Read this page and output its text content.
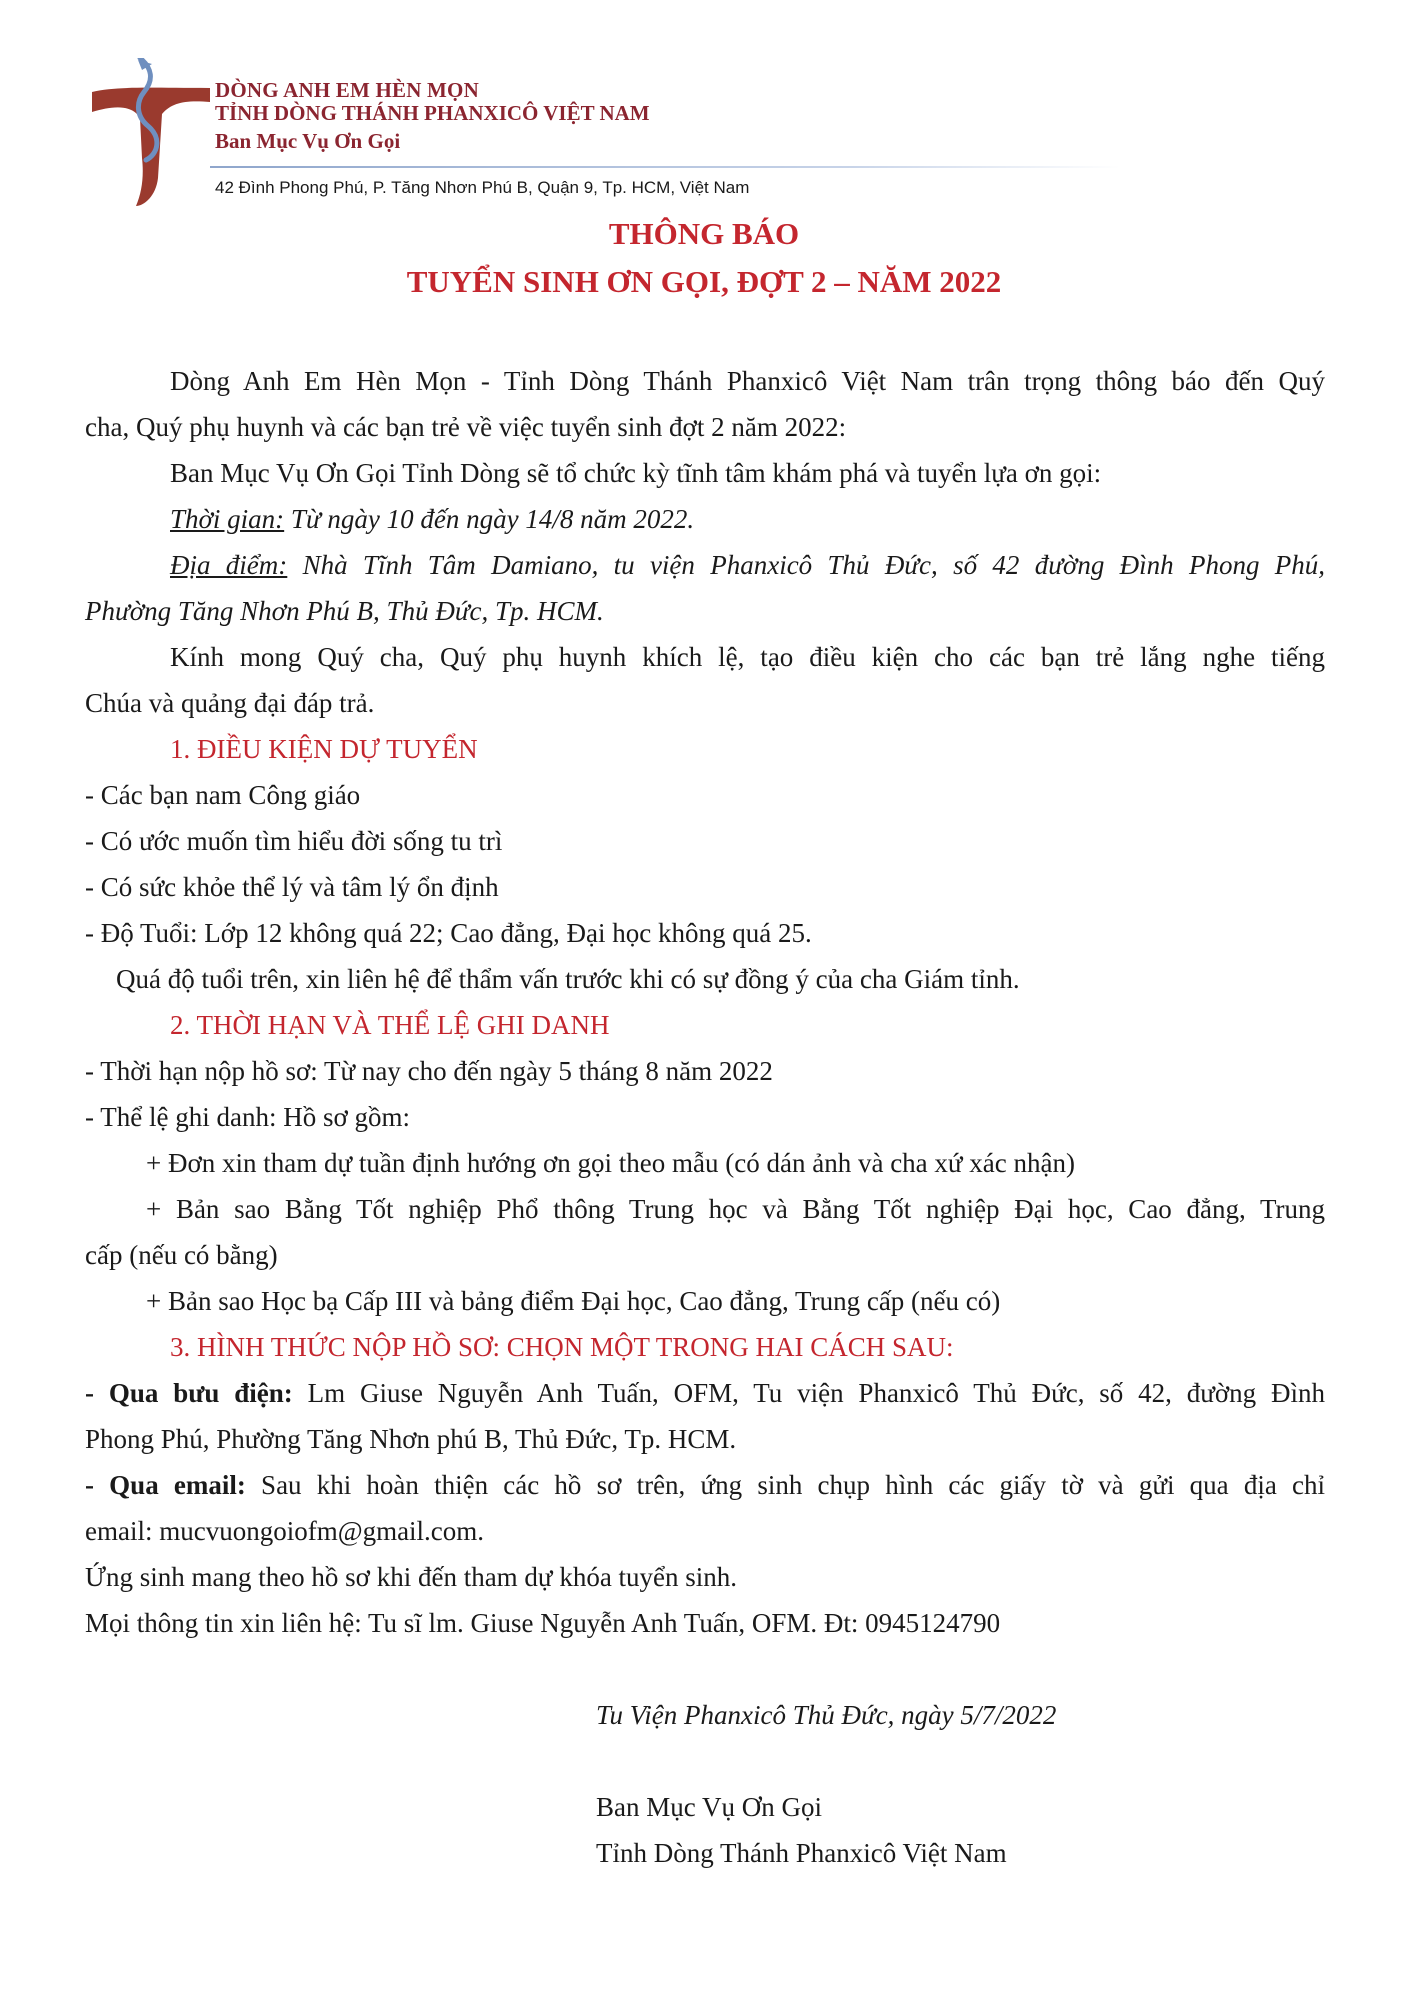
DÒNG ANH EM HÈN MỌN
TỈNH DÒNG THÁNH PHANXICÔ VIỆT NAM
Ban Mục Vụ Ơn Gọi
42 Đình Phong Phú, P. Tăng Nhơn Phú B, Quận 9, Tp. HCM, Việt Nam
THÔNG BÁO
TUYỂN SINH ƠN GỌI, ĐỢT 2 – NĂM 2022
Dòng Anh Em Hèn Mọn - Tỉnh Dòng Thánh Phanxicô Việt Nam trân trọng thông báo đến Quý
cha, Quý phụ huynh và các bạn trẻ về việc tuyển sinh đợt 2 năm 2022:
Ban Mục Vụ Ơn Gọi Tỉnh Dòng sẽ tổ chức kỳ tĩnh tâm khám phá và tuyển lựa ơn gọi:
Thời gian: Từ ngày 10 đến ngày 14/8 năm 2022.
Địa điểm: Nhà Tĩnh Tâm Damiano, tu viện Phanxicô Thủ Đức, số 42 đường Đình Phong Phú,
Phường Tăng Nhơn Phú B, Thủ Đức, Tp. HCM.
Kính mong Quý cha, Quý phụ huynh khích lệ, tạo điều kiện cho các bạn trẻ lắng nghe tiếng
Chúa và quảng đại đáp trả.
1. ĐIỀU KIỆN DỰ TUYỂN
- Các bạn nam Công giáo
- Có ước muốn tìm hiểu đời sống tu trì
- Có sức khỏe thể lý và tâm lý ổn định
- Độ Tuổi: Lớp 12 không quá 22; Cao đẳng, Đại học không quá 25.
Quá độ tuổi trên, xin liên hệ để thẩm vấn trước khi có sự đồng ý của cha Giám tỉnh.
2. THỜI HẠN VÀ THỂ LỆ GHI DANH
- Thời hạn nộp hồ sơ: Từ nay cho đến ngày 5 tháng 8 năm 2022
- Thể lệ ghi danh: Hồ sơ gồm:
+ Đơn xin tham dự tuần định hướng ơn gọi theo mẫu (có dán ảnh và cha xứ xác nhận)
+ Bản sao Bằng Tốt nghiệp Phổ thông Trung học và Bằng Tốt nghiệp Đại học, Cao đẳng, Trung
cấp (nếu có bằng)
+ Bản sao Học bạ Cấp III và bảng điểm Đại học, Cao đẳng, Trung cấp (nếu có)
3. HÌNH THỨC NỘP HỒ SƠ: CHỌN MỘT TRONG HAI CÁCH SAU:
- Qua bưu điện: Lm Giuse Nguyễn Anh Tuấn, OFM, Tu viện Phanxicô Thủ Đức, số 42, đường Đình
Phong Phú, Phường Tăng Nhơn phú B, Thủ Đức, Tp. HCM.
- Qua email: Sau khi hoàn thiện các hồ sơ trên, ứng sinh chụp hình các giấy tờ và gửi qua địa chỉ
email: mucvuongoiofm@gmail.com.
Ứng sinh mang theo hồ sơ khi đến tham dự khóa tuyển sinh.
Mọi thông tin xin liên hệ: Tu sĩ lm. Giuse Nguyễn Anh Tuấn, OFM. Đt: 0945124790
Tu Viện Phanxicô Thủ Đức, ngày 5/7/2022
Ban Mục Vụ Ơn Gọi
Tỉnh Dòng Thánh Phanxicô Việt Nam
